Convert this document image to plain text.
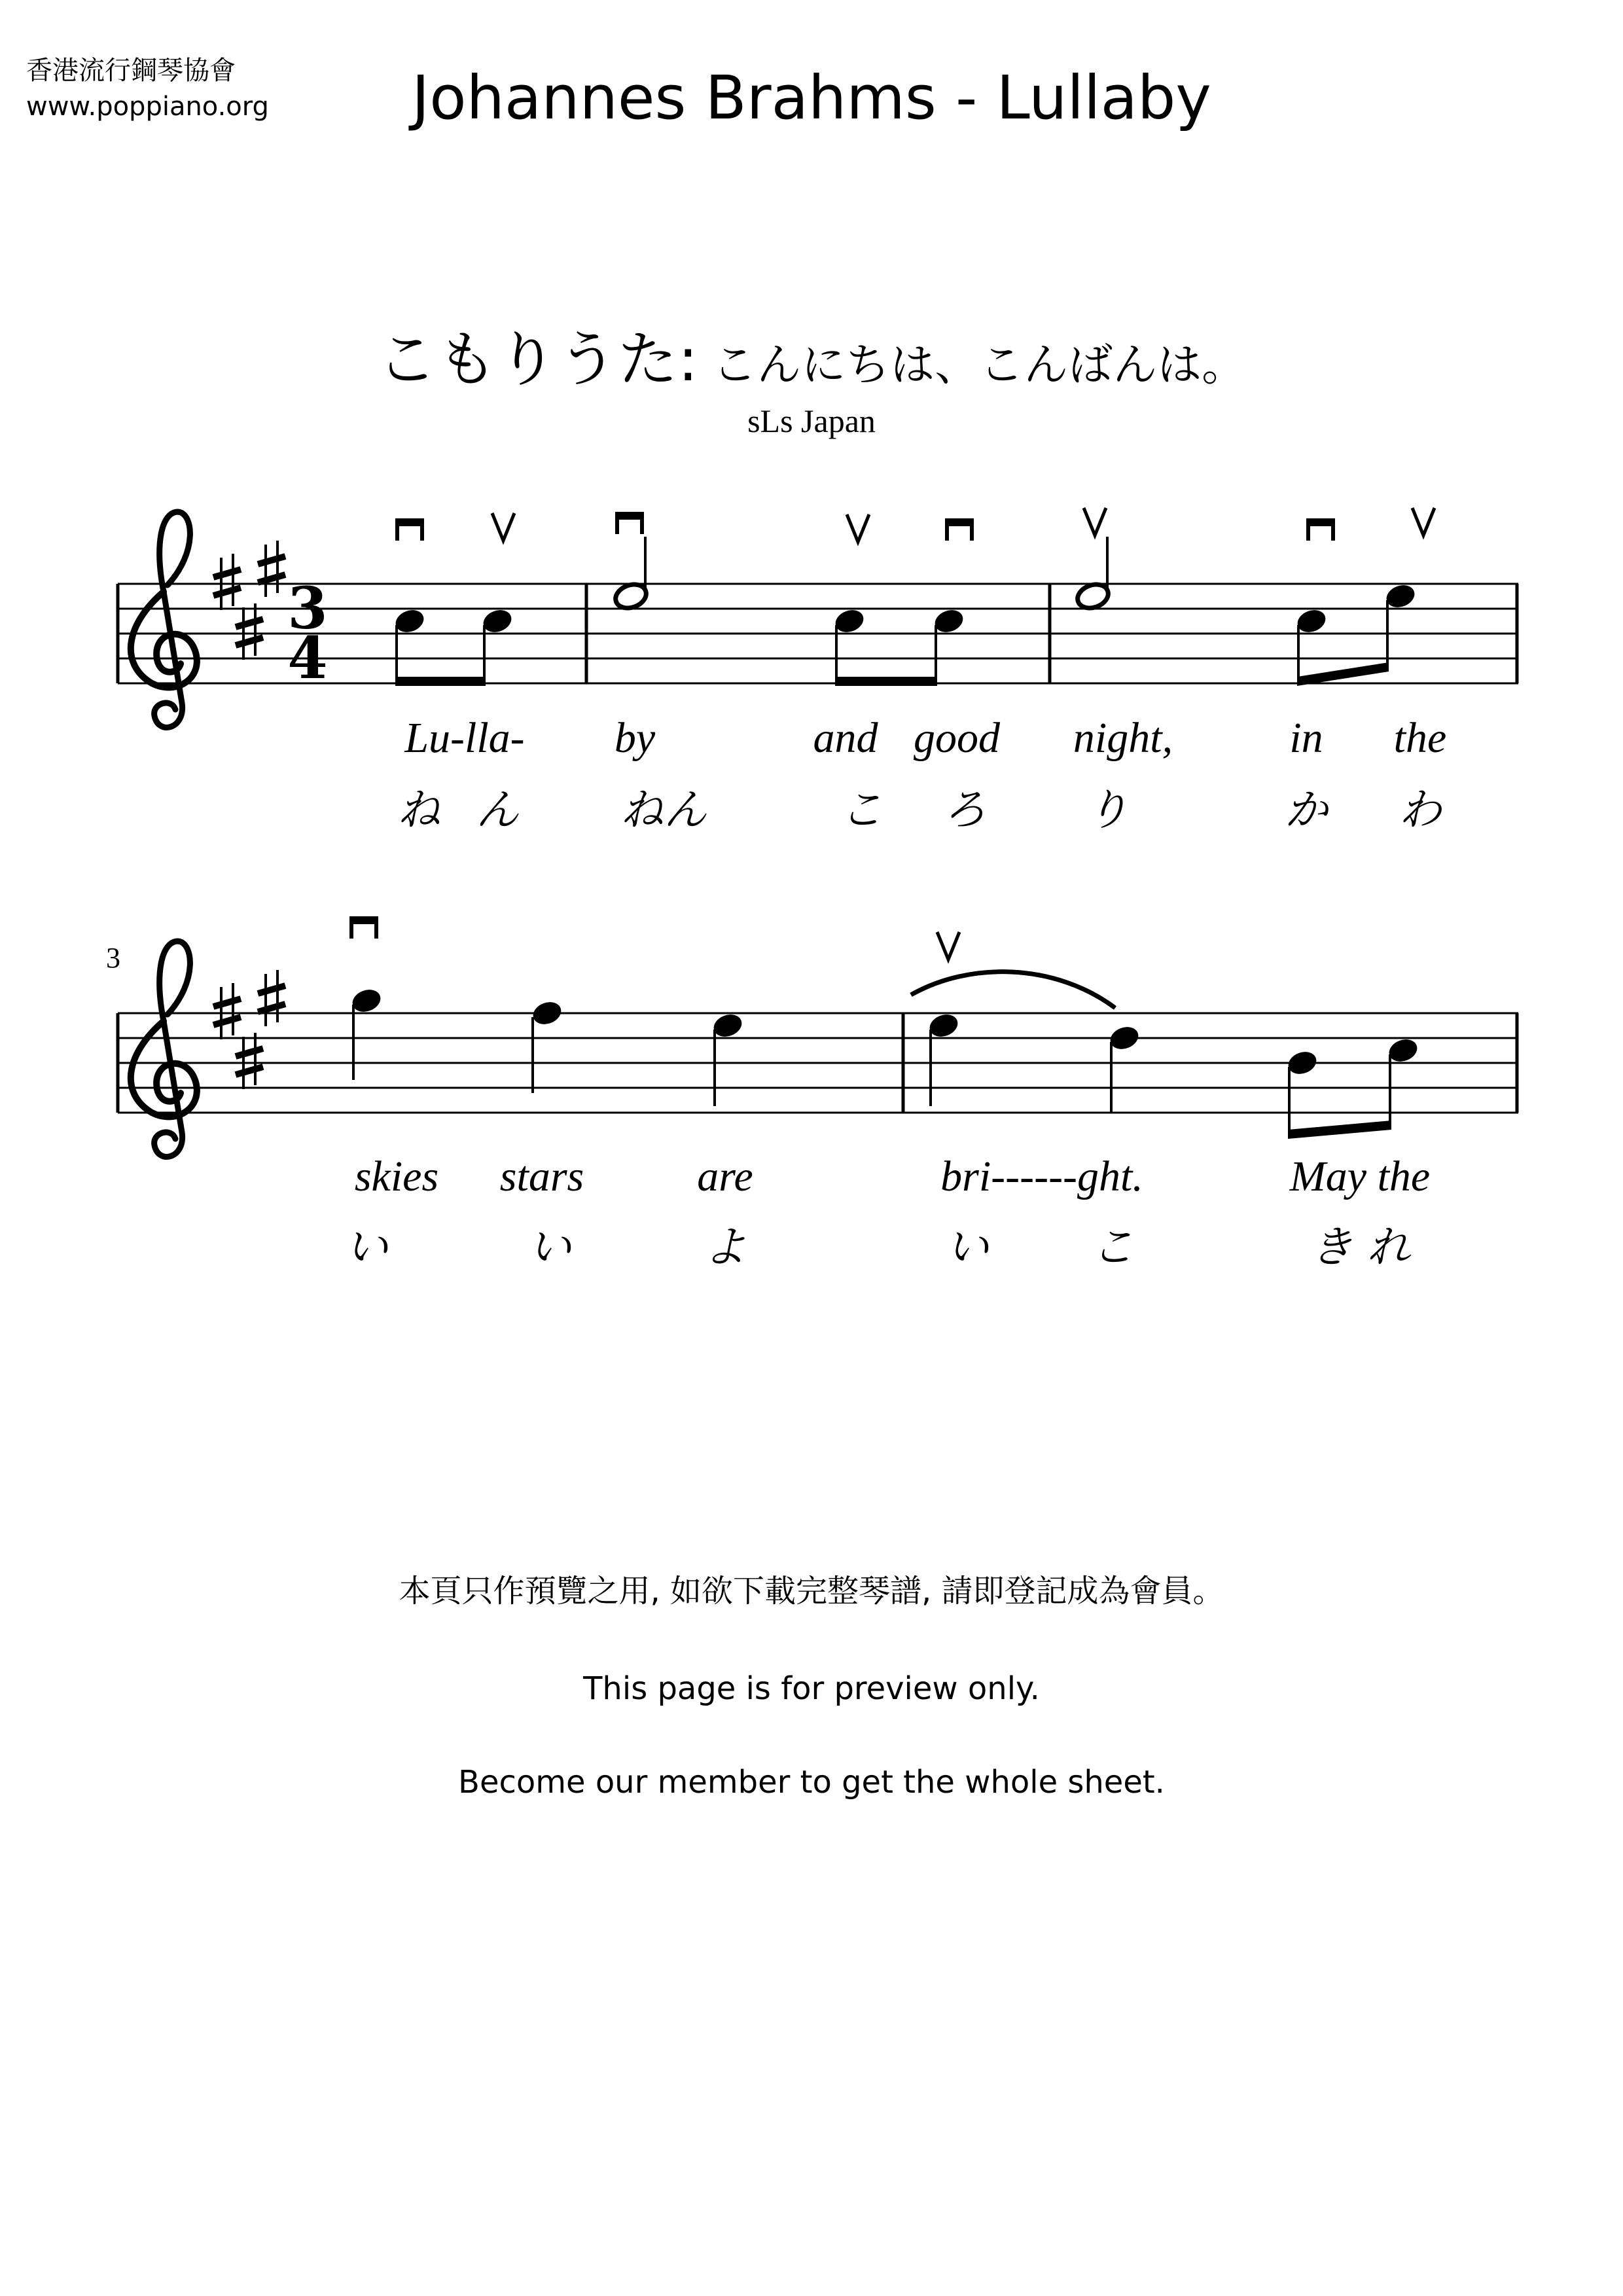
香港流行鋼琴協會
www.poppiano.org	Johannes Brahms - Lullaby
こもりうた: こんにちは、こんばんは。
sLs Japan
3
4
3
Lu-lla- by	and good night,	in the
ね ん ねん	こ ろ り	か わ
skies stars	are	bri------ght.	May the
い	い	よ	い こ	き れ
本頁只作預覽之用, 如欲下載完整琴譜, 請即登記成為會員。
This page is for preview only.
Become our member to get the whole sheet.
